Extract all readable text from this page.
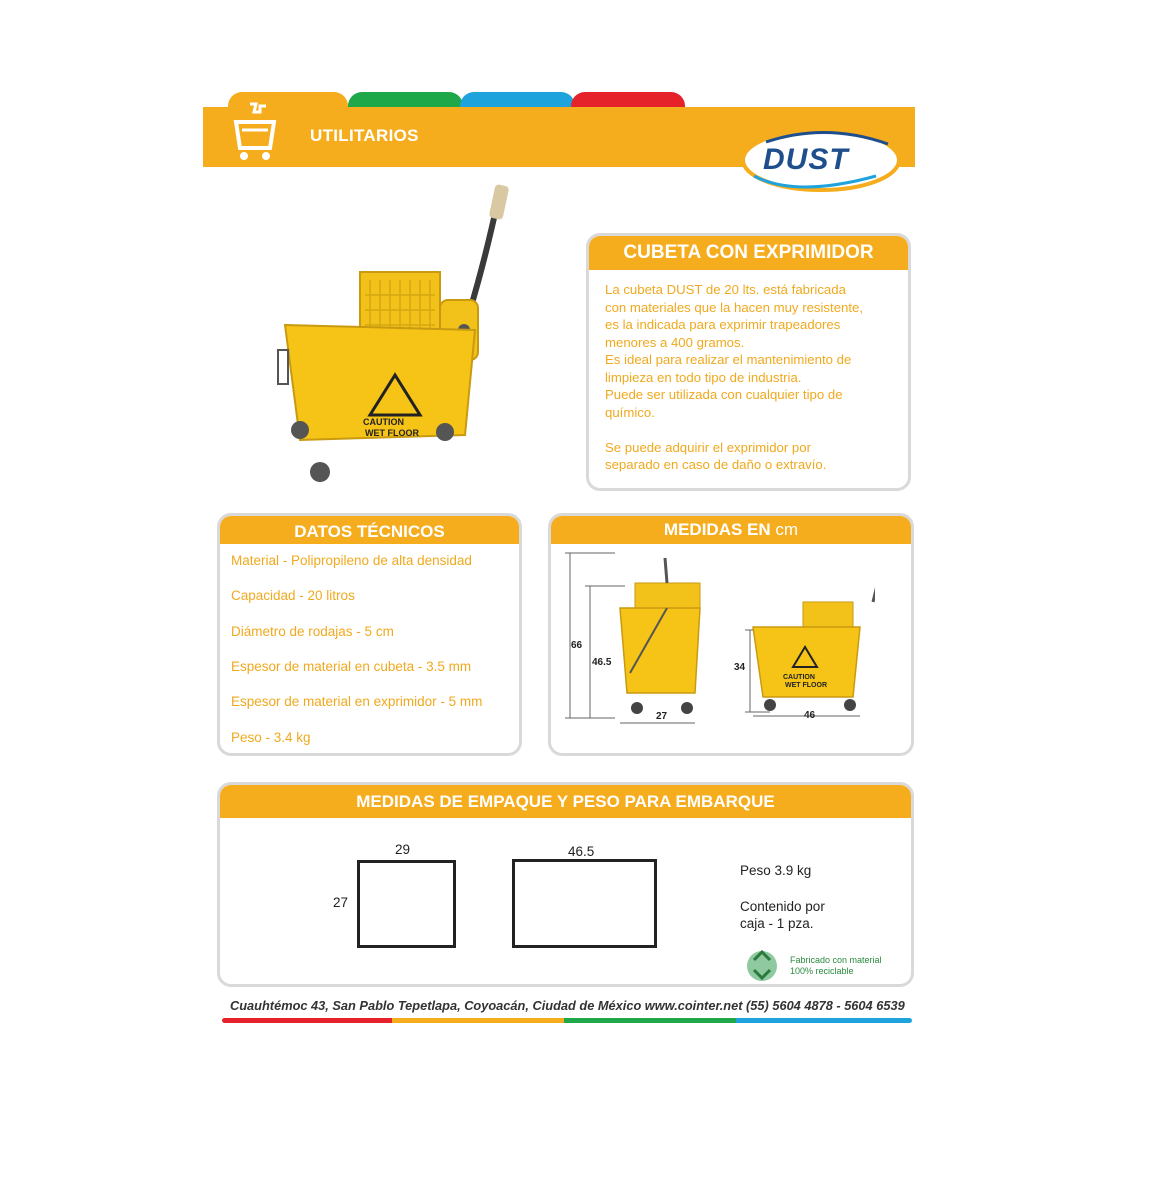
UTILITARIOS
DUST
CAUTION
WET FLOOR
CUBETA CON EXPRIMIDOR
La cubeta DUST de 20 lts. está fabricada
con materiales que la hacen muy resistente,
es la indicada para exprimir trapeadores
menores a 400 gramos.
Es ideal para realizar el mantenimiento de
limpieza en todo tipo de industria.
Puede ser utilizada con cualquier tipo de
químico.

Se puede adquirir el exprimidor por
separado en caso de daño o extravío.
DATOS TÉCNICOS
Material - Polipropileno de alta densidad
Capacidad - 20 litros
Diámetro de rodajas - 5 cm
Espesor de material en cubeta - 3.5 mm
Espesor de material en exprimidor - 5 mm
Peso - 3.4 kg
MEDIDAS EN cm
66
46.5
27
CAUTION
WET FLOOR
34
46
MEDIDAS DE EMPAQUE Y PESO PARA EMBARQUE
29
27
46.5
Peso 3.9 kg
Contenido por
caja - 1 pza.
Fabricado con material
100% reciclable
Cuauhtémoc 43, San Pablo Tepetlapa, Coyoacán, Ciudad de México www.cointer.net (55) 5604 4878 - 5604 6539
